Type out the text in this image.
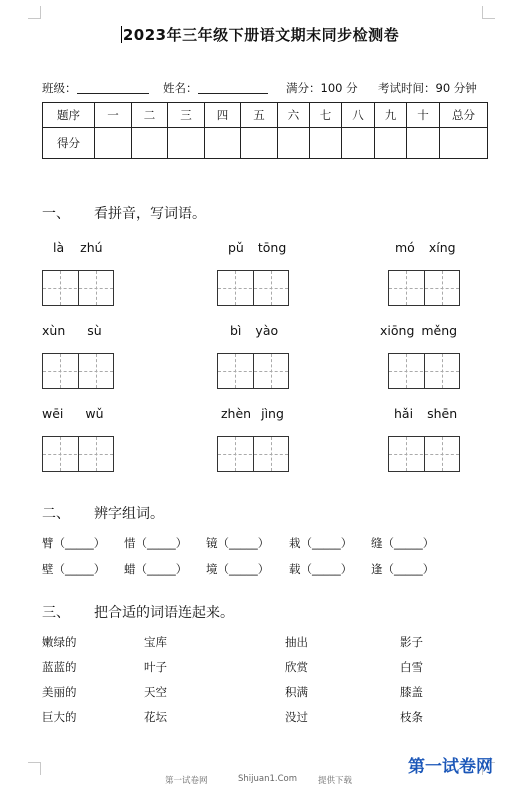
2023年三年级下册语文期末同步检测卷
班级：	姓名：	满分：100 分 考试时间：90 分钟
题序	一	二	三	四	五	六	七	八	九	十	总分
得分											
一、 看拼音，写词语。
là zhú	pǔ tōng	mó xíng
xùn sù	bì yào	xiōng měng
wēi wǔ	zhèn jìng	hǎi shēn
二、 辨字组词。
臂（_____） 惜（_____） 镜（_____） 栽（_____） 缝（_____）
壁（_____） 蜡（_____） 境（_____） 载（_____） 逢（_____）
三、 把合适的词语连起来。
嫩绿的	宝库	抽出	影子
蓝蓝的	叶子	欣赏	白雪
美丽的	天空	积满	膝盖
巨大的	花坛	没过	枝条
第一试卷网	Shijuan1.Com 提供下载
第一试卷网
